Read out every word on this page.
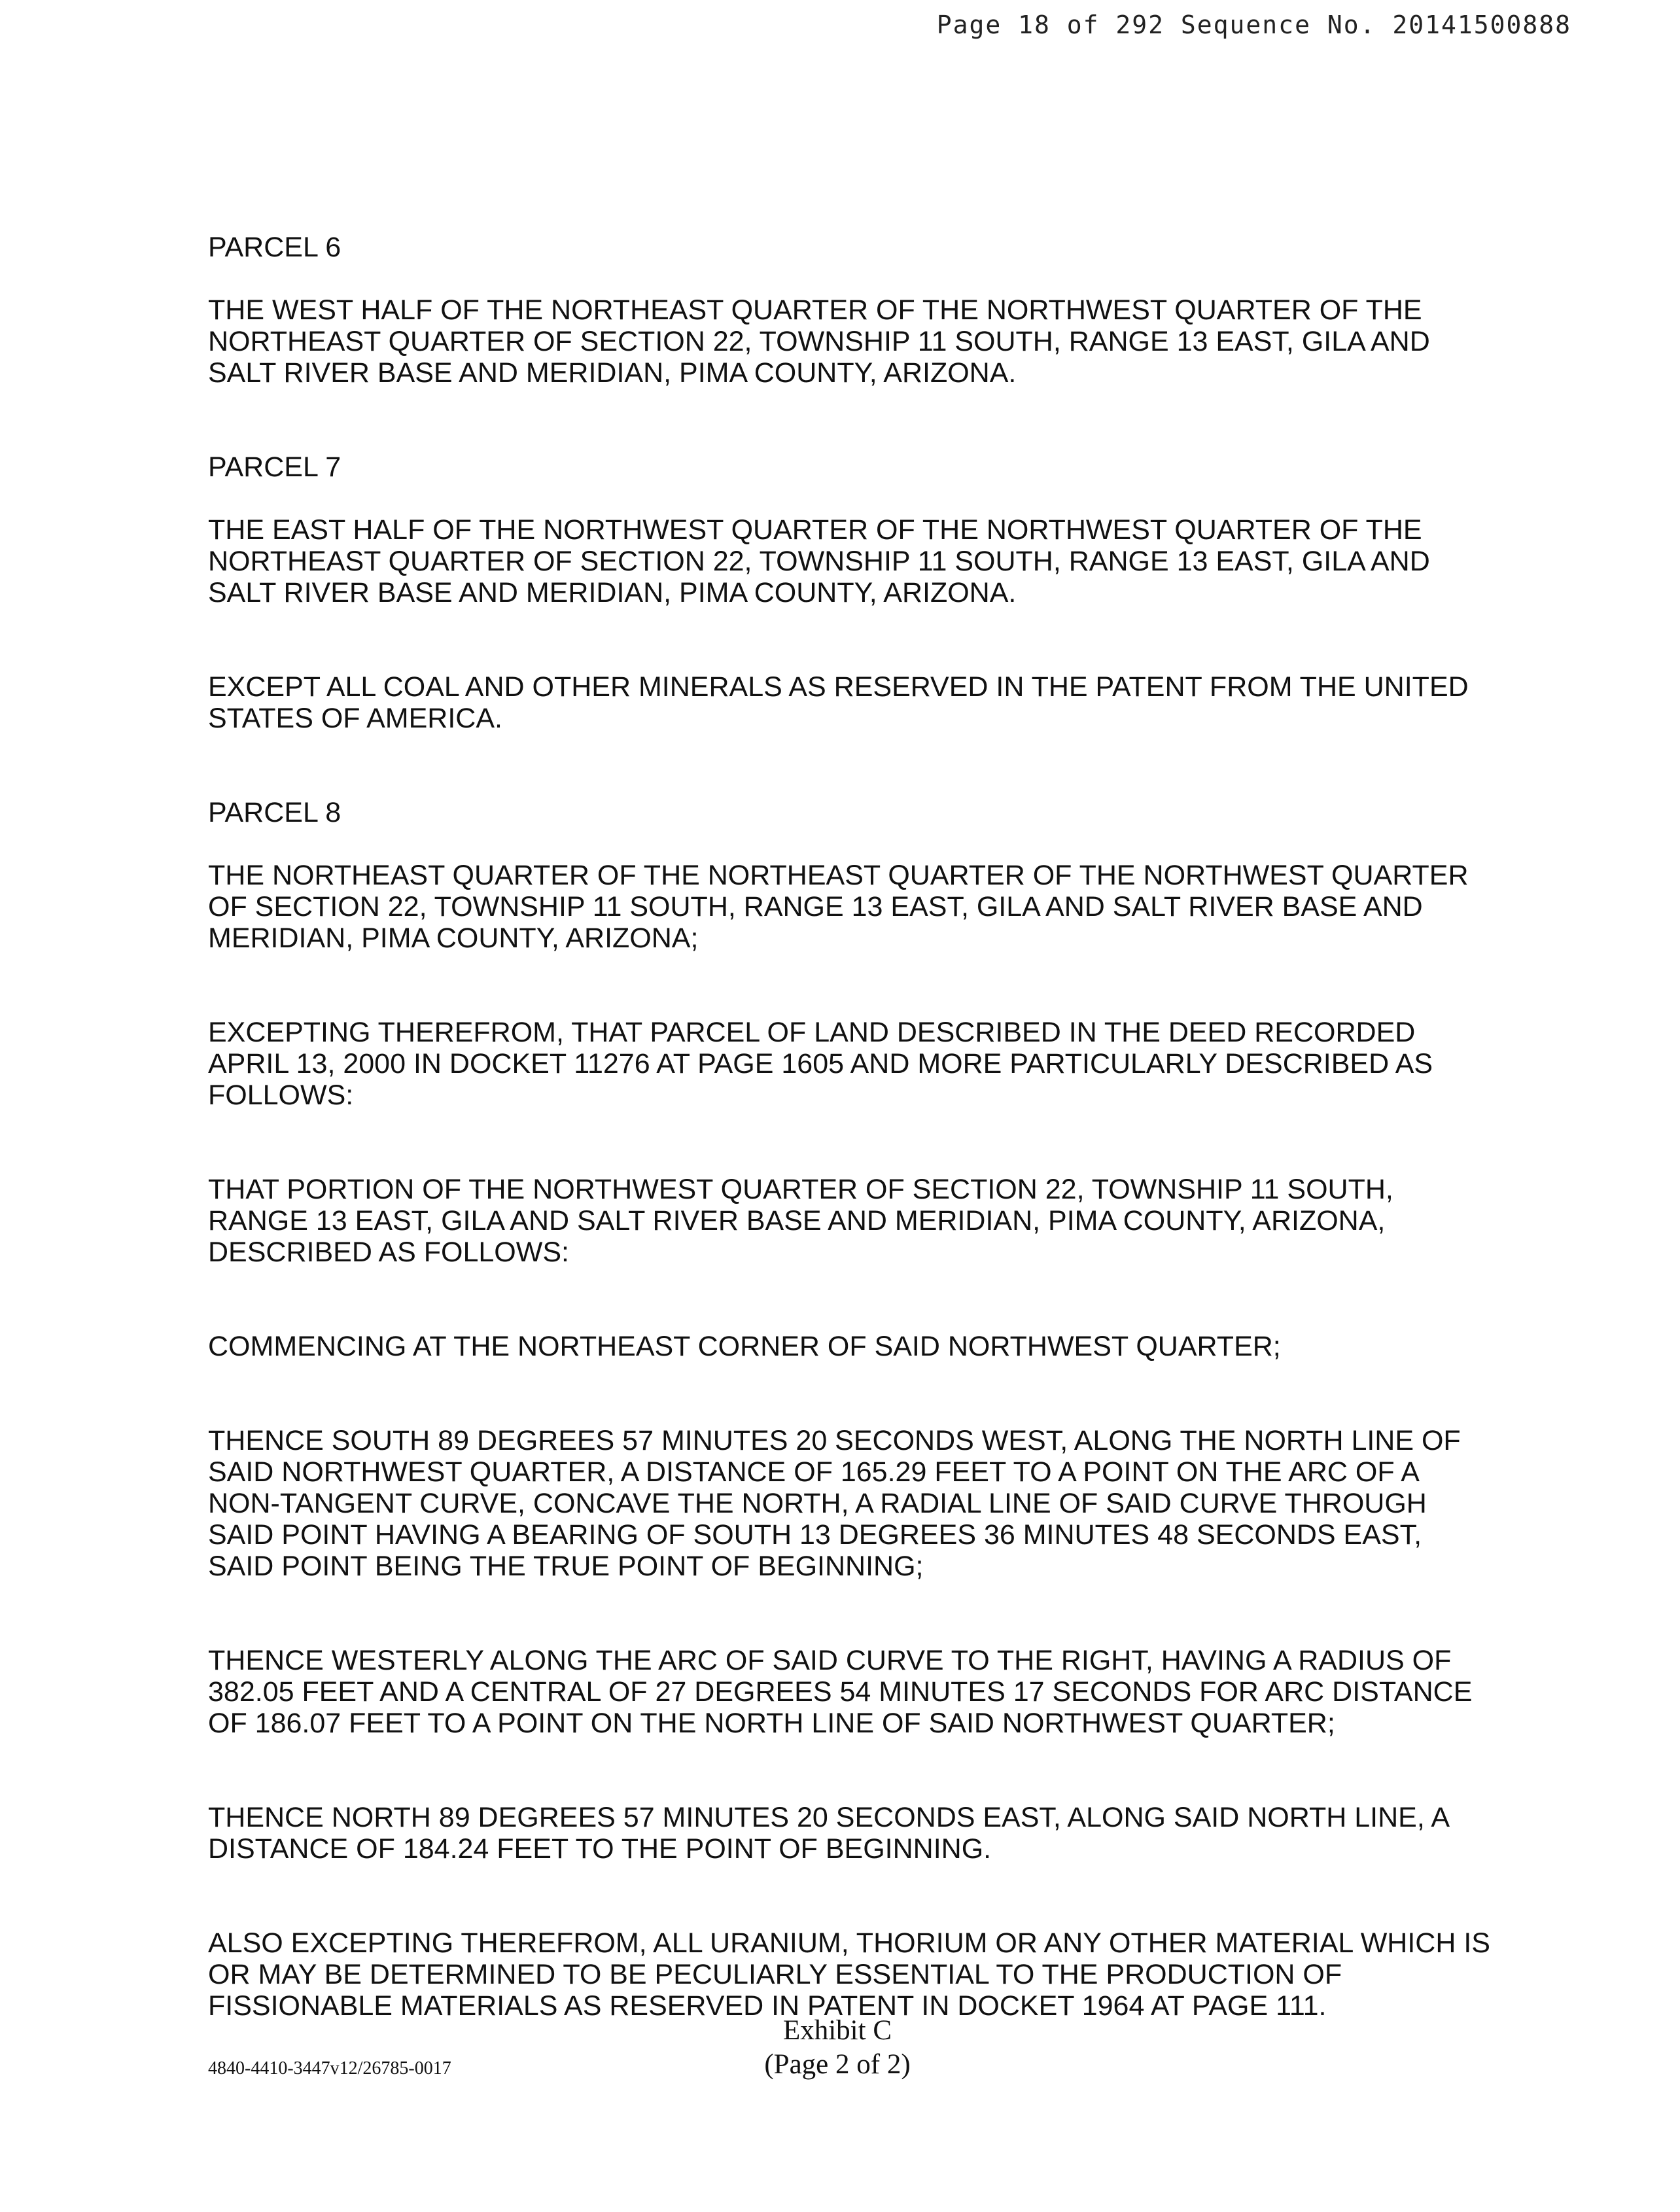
Page 18 of 292 Sequence No. 20141500888

PARCEL 6

THE WEST HALF OF THE NORTHEAST QUARTER OF THE NORTHWEST QUARTER OF THE NORTHEAST QUARTER OF SECTION 22, TOWNSHIP 11 SOUTH, RANGE 13 EAST, GILA AND SALT RIVER BASE AND MERIDIAN, PIMA COUNTY, ARIZONA.

PARCEL 7

THE EAST HALF OF THE NORTHWEST QUARTER OF THE NORTHWEST QUARTER OF THE NORTHEAST QUARTER OF SECTION 22, TOWNSHIP 11 SOUTH, RANGE 13 EAST, GILA AND SALT RIVER BASE AND MERIDIAN, PIMA COUNTY, ARIZONA.

EXCEPT ALL COAL AND OTHER MINERALS AS RESERVED IN THE PATENT FROM THE UNITED STATES OF AMERICA.

PARCEL 8

THE NORTHEAST QUARTER OF THE NORTHEAST QUARTER OF THE NORTHWEST QUARTER OF SECTION 22, TOWNSHIP 11 SOUTH, RANGE 13 EAST, GILA AND SALT RIVER BASE AND MERIDIAN, PIMA COUNTY, ARIZONA;

EXCEPTING THEREFROM, THAT PARCEL OF LAND DESCRIBED IN THE DEED RECORDED APRIL 13, 2000 IN DOCKET 11276 AT PAGE 1605 AND MORE PARTICULARLY DESCRIBED AS FOLLOWS:

THAT PORTION OF THE NORTHWEST QUARTER OF SECTION 22, TOWNSHIP 11 SOUTH, RANGE 13 EAST, GILA AND SALT RIVER BASE AND MERIDIAN, PIMA COUNTY, ARIZONA, DESCRIBED AS FOLLOWS:

COMMENCING AT THE NORTHEAST CORNER OF SAID NORTHWEST QUARTER;

THENCE SOUTH 89 DEGREES 57 MINUTES 20 SECONDS WEST, ALONG THE NORTH LINE OF SAID NORTHWEST QUARTER, A DISTANCE OF 165.29 FEET TO A POINT ON THE ARC OF A NON-TANGENT CURVE, CONCAVE THE NORTH, A RADIAL LINE OF SAID CURVE THROUGH SAID POINT HAVING A BEARING OF SOUTH 13 DEGREES 36 MINUTES 48 SECONDS EAST, SAID POINT BEING THE TRUE POINT OF BEGINNING;

THENCE WESTERLY ALONG THE ARC OF SAID CURVE TO THE RIGHT, HAVING A RADIUS OF 382.05 FEET AND A CENTRAL OF 27 DEGREES 54 MINUTES 17 SECONDS FOR ARC DISTANCE OF 186.07 FEET TO A POINT ON THE NORTH LINE OF SAID NORTHWEST QUARTER;

THENCE NORTH 89 DEGREES 57 MINUTES 20 SECONDS EAST, ALONG SAID NORTH LINE, A DISTANCE OF 184.24 FEET TO THE POINT OF BEGINNING.

ALSO EXCEPTING THEREFROM, ALL URANIUM, THORIUM OR ANY OTHER MATERIAL WHICH IS OR MAY BE DETERMINED TO BE PECULIARLY ESSENTIAL TO THE PRODUCTION OF FISSIONABLE MATERIALS AS RESERVED IN PATENT IN DOCKET 1964 AT PAGE 111.

Exhibit C
(Page 2 of 2)
4840-4410-3447v12/26785-0017
